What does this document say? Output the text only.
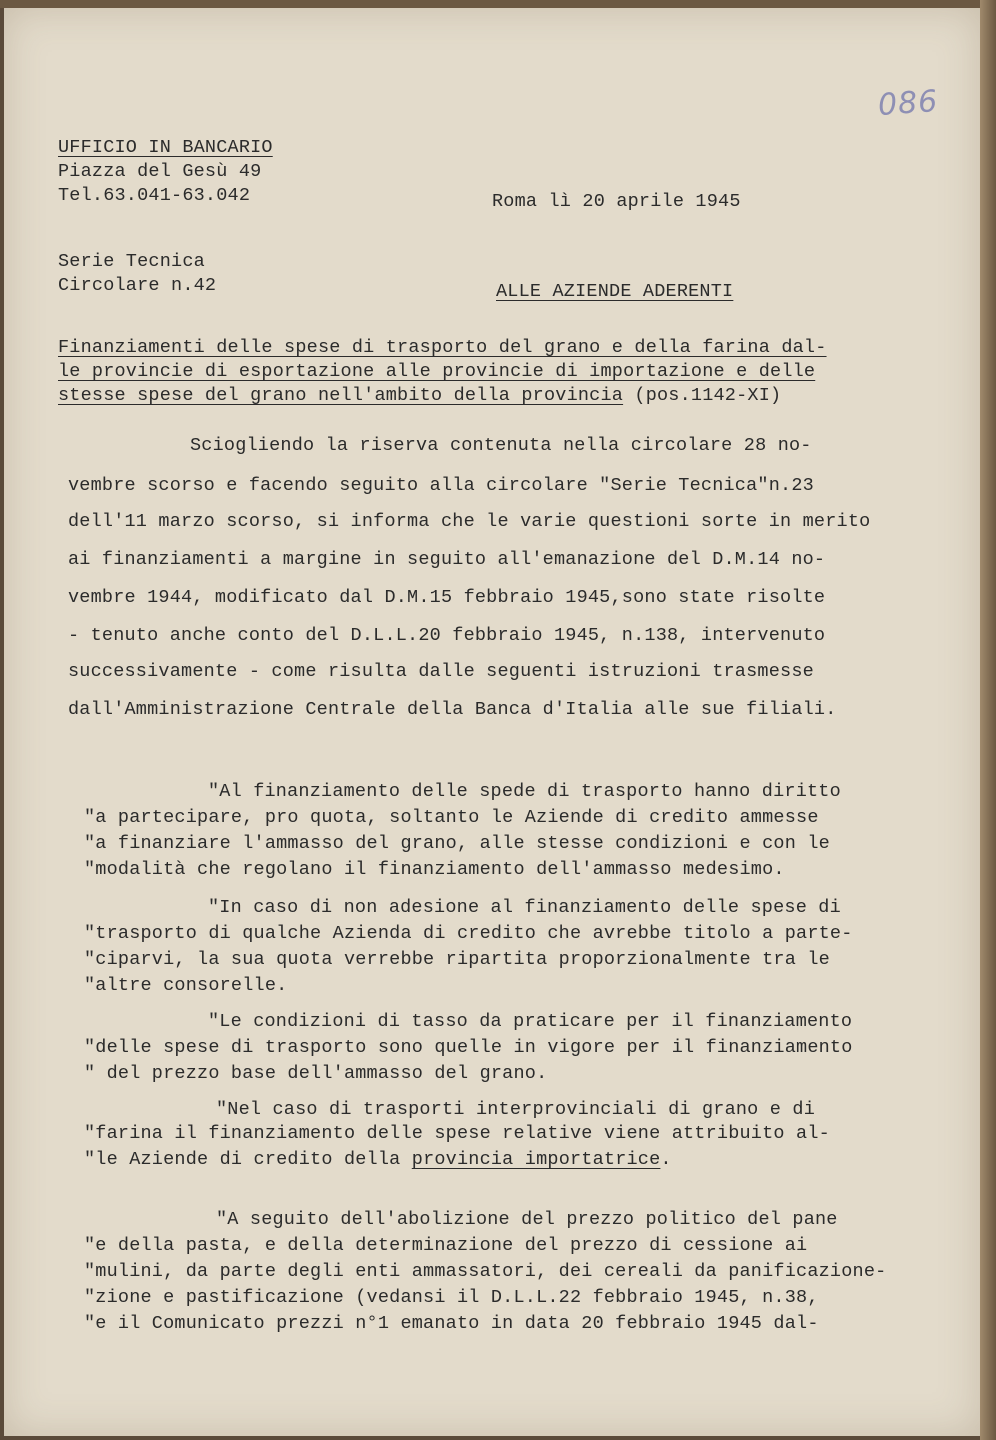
086
UFFICIO IN BANCARIO
Piazza del Gesù 49
Tel.63.041-63.042	Roma lì 20 aprile 1945
Serie Tecnica
Circolare n.42	ALLE AZIENDE ADERENTI
Finanziamenti delle spese di trasporto del grano e della farina dal-
le provincie di esportazione alle provincie di importazione e delle
stesse spese del grano nell'ambito della provincia (pos.1142-XI)
Sciogliendo la riserva contenuta nella circolare 28 no-
vembre scorso e facendo seguito alla circolare "Serie Tecnica"n.23
dell'11 marzo scorso, si informa che le varie questioni sorte in merito
ai finanziamenti a margine in seguito all'emanazione del D.M.14 no-
vembre 1944, modificato dal D.M.15 febbraio 1945,sono state risolte
- tenuto anche conto del D.L.L.20 febbraio 1945, n.138, intervenuto
successivamente - come risulta dalle seguenti istruzioni trasmesse
dall'Amministrazione Centrale della Banca d'Italia alle sue filiali.
"Al finanziamento delle spede di trasporto hanno diritto
"a partecipare, pro quota, soltanto le Aziende di credito ammesse
"a finanziare l'ammasso del grano, alle stesse condizioni e con le
"modalità che regolano il finanziamento dell'ammasso medesimo.
"In caso di non adesione al finanziamento delle spese di
"trasporto di qualche Azienda di credito che avrebbe titolo a parte-
"ciparvi, la sua quota verrebbe ripartita proporzionalmente tra le
"altre consorelle.
"Le condizioni di tasso da praticare per il finanziamento
"delle spese di trasporto sono quelle in vigore per il finanziamento
" del prezzo base dell'ammasso del grano.
"Nel caso di trasporti interprovinciali di grano e di
"farina il finanziamento delle spese relative viene attribuito al-
"le Aziende di credito della provincia importatrice.
"A seguito dell'abolizione del prezzo politico del pane
"e della pasta, e della determinazione del prezzo di cessione ai
"mulini, da parte degli enti ammassatori, dei cereali da panificazione-
"zione e pastificazione (vedansi il D.L.L.22 febbraio 1945, n.38,
"e il Comunicato prezzi n°1 emanato in data 20 febbraio 1945 dal-
